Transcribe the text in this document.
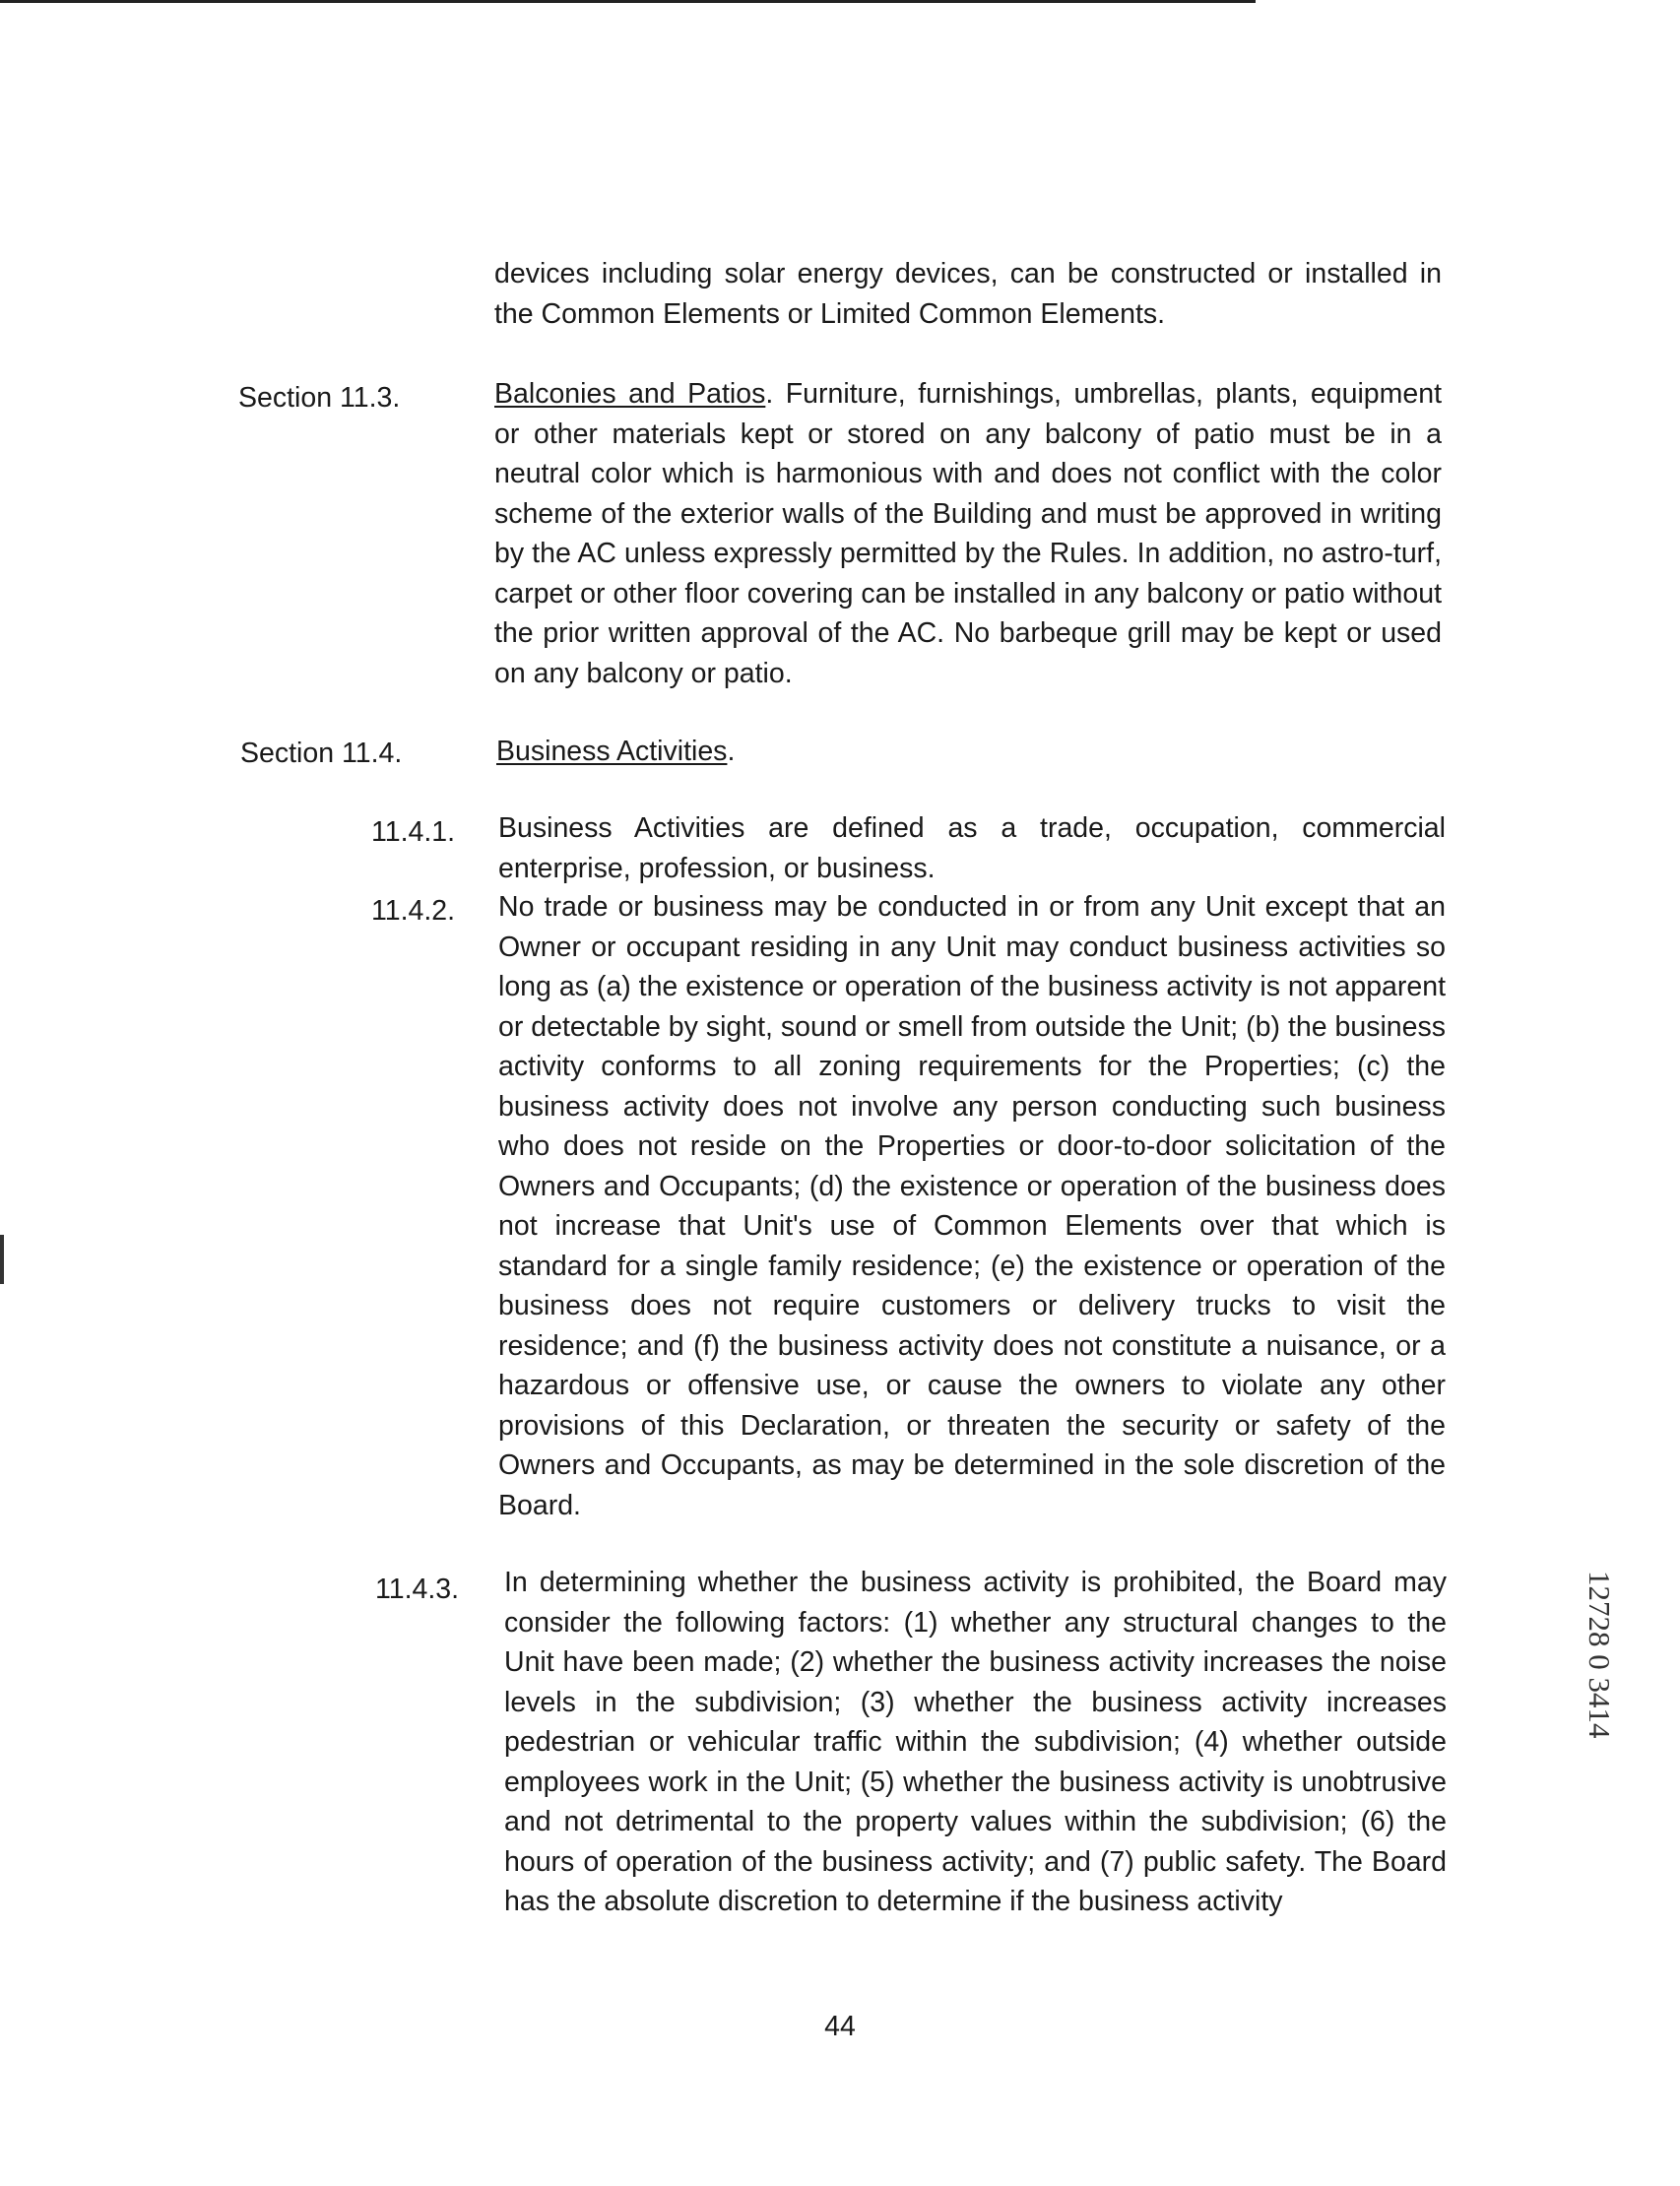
devices including solar energy devices, can be constructed or installed in the Common Elements or Limited Common Elements.
Section 11.3.	Balconies and Patios. Furniture, furnishings, umbrellas, plants, equipment or other materials kept or stored on any balcony of patio must be in a neutral color which is harmonious with and does not conflict with the color scheme of the exterior walls of the Building and must be approved in writing by the AC unless expressly permitted by the Rules. In addition, no astro-turf, carpet or other floor covering can be installed in any balcony or patio without the prior written approval of the AC. No barbeque grill may be kept or used on any balcony or patio.
Section 11.4.	Business Activities.
11.4.1. Business Activities are defined as a trade, occupation, commercial enterprise, profession, or business.
11.4.2. No trade or business may be conducted in or from any Unit except that an Owner or occupant residing in any Unit may conduct business activities so long as (a) the existence or operation of the business activity is not apparent or detectable by sight, sound or smell from outside the Unit; (b) the business activity conforms to all zoning requirements for the Properties; (c) the business activity does not involve any person conducting such business who does not reside on the Properties or door-to-door solicitation of the Owners and Occupants; (d) the existence or operation of the business does not increase that Unit's use of Common Elements over that which is standard for a single family residence; (e) the existence or operation of the business does not require customers or delivery trucks to visit the residence; and (f) the business activity does not constitute a nuisance, or a hazardous or offensive use, or cause the owners to violate any other provisions of this Declaration, or threaten the security or safety of the Owners and Occupants, as may be determined in the sole discretion of the Board.
11.4.3. In determining whether the business activity is prohibited, the Board may consider the following factors: (1) whether any structural changes to the Unit have been made; (2) whether the business activity increases the noise levels in the subdivision; (3) whether the business activity increases pedestrian or vehicular traffic within the subdivision; (4) whether outside employees work in the Unit; (5) whether the business activity is unobtrusive and not detrimental to the property values within the subdivision; (6) the hours of operation of the business activity; and (7) public safety. The Board has the absolute discretion to determine if the business activity
44
12728 0 3414
